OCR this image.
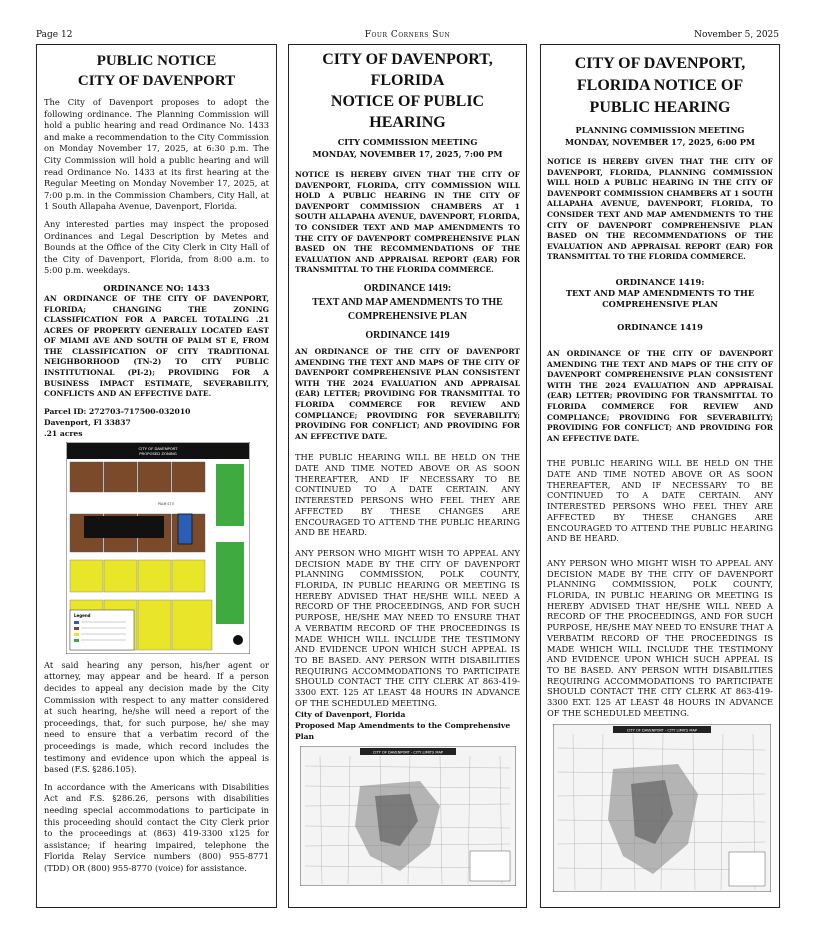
Page 12	Four Corners Sun	November 5, 2025
PUBLIC NOTICE
CITY OF DAVENPORT

The City of Davenport proposes to adopt the following ordinance. The Planning Commission will hold a public hearing and read Ordinance No. 1433 and make a recommendation to the City Commission on Monday November 17, 2025, at 6:30 p.m. The City Commission will hold a public hearing and will read Ordinance No. 1433 at its first hearing at the Regular Meeting on Monday November 17, 2025, at 7:00 p.m. in the Commission Chambers, City Hall, at 1 South Allapaha Avenue, Davenport, Florida.

Any interested parties may inspect the proposed Ordinances and Legal Description by Metes and Bounds at the Office of the City Clerk in City Hall of the City of Davenport, Florida, from 8:00 a.m. to 5:00 p.m. weekdays.

ORDINANCE NO: 1433

AN ORDINANCE OF THE CITY OF DAVENPORT, FLORIDA; CHANGING THE ZONING CLASSIFICATION FOR A PARCEL TOTALING .21 ACRES OF PROPERTY GENERALLY LOCATED EAST OF MIAMI AVE AND SOUTH OF PALM ST E, FROM THE CLASSIFICATION OF CITY TRADITIONAL NEIGHBORHOOD (TN-2) TO CITY PUBLIC INSTITUTIONAL (PI-2); PROVIDING FOR A BUSINESS IMPACT ESTIMATE, SEVERABILITY, CONFLICTS AND AN EFFECTIVE DATE.

Parcel ID: 272703-717500-032010

Davenport, Fl 33837

.21 acres

CITY OF DAVENPORT
PROPOSED ZONING
PALM ST E
Legend

At said hearing any person, his/her agent or attorney, may appear and be heard. If a person decides to appeal any decision made by the City Commission with respect to any matter considered at such hearing, he/she will need a report of the proceedings, that, for such purpose, he/ she may need to ensure that a verbatim record of the proceedings is made, which record includes the testimony and evidence upon which the appeal is based (F.S. §286.105).

In accordance with the Americans with Disabilities Act and F.S. §286.26, persons with disabilities needing special accommodations to participate in this proceeding should contact the City Clerk prior to the proceedings at (863) 419-3300 x125 for assistance; if hearing impaired, telephone the Florida Relay Service numbers (800) 955-8771 (TDD) OR (800) 955-8770 (voice) for assistance.

CITY OF DAVENPORT, FLORIDA
NOTICE OF PUBLIC HEARING

CITY COMMISSION MEETING

MONDAY, NOVEMBER 17, 2025, 7:00 PM

NOTICE IS HEREBY GIVEN THAT THE CITY OF DAVENPORT, FLORIDA, CITY COMMISSION WILL HOLD A PUBLIC HEARING IN THE CITY OF DAVENPORT COMMISSION CHAMBERS AT 1 SOUTH ALLAPAHA AVENUE, DAVENPORT, FLORIDA, TO CONSIDER TEXT AND MAP AMENDMENTS TO THE CITY OF DAVENPORT COMPREHENSIVE PLAN BASED ON THE RECOMMENDATIONS OF THE EVALUATION AND APPRAISAL REPORT (EAR) FOR TRANSMITTAL TO THE FLORIDA COMMERCE.

ORDINANCE 1419:

TEXT AND MAP AMENDMENTS TO THE

COMPREHENSIVE PLAN

ORDINANCE 1419

AN ORDINANCE OF THE CITY OF DAVENPORT AMENDING THE TEXT AND MAPS OF THE CITY OF DAVENPORT COMPREHENSIVE PLAN CONSISTENT WITH THE 2024 EVALUATION AND APPRAISAL (EAR) LETTER; PROVIDING FOR TRANSMITTAL TO FLORIDA COMMERCE FOR REVIEW AND COMPLIANCE; PROVIDING FOR SEVERABILITY; PROVIDING FOR CONFLICT; AND PROVIDING FOR AN EFFECTIVE DATE.

THE PUBLIC HEARING WILL BE HELD ON THE DATE AND TIME NOTED ABOVE OR AS SOON THEREAFTER, AND IF NECESSARY TO BE CONTINUED TO A DATE CERTAIN. ANY INTERESTED PERSONS WHO FEEL THEY ARE AFFECTED BY THESE CHANGES ARE ENCOURAGED TO ATTEND THE PUBLIC HEARING AND BE HEARD.

ANY PERSON WHO MIGHT WISH TO APPEAL ANY DECISION MADE BY THE CITY OF DAVENPORT PLANNING COMMISSION, POLK COUNTY, FLORIDA, IN PUBLIC HEARING OR MEETING IS HEREBY ADVISED THAT HE/SHE WILL NEED A RECORD OF THE PROCEEDINGS, AND FOR SUCH PURPOSE, HE/SHE MAY NEED TO ENSURE THAT A VERBATIM RECORD OF THE PROCEEDINGS IS MADE WHICH WILL INCLUDE THE TESTIMONY AND EVIDENCE UPON WHICH SUCH APPEAL IS TO BE BASED. ANY PERSON WITH DISABILITIES REQUIRING ACCOMMODATIONS TO PARTICIPATE SHOULD CONTACT THE CITY CLERK AT 863-419-3300 EXT. 125 AT LEAST 48 HOURS IN ADVANCE OF THE SCHEDULED MEETING.

City of Davenport, Florida

Proposed Map Amendments to the Comprehensive Plan

CITY OF DAVENPORT - CITY LIMITS MAP
CITY OF DAVENPORT,
FLORIDA NOTICE OF
PUBLIC HEARING

PLANNING COMMISSION MEETING

MONDAY, NOVEMBER 17, 2025, 6:00 PM

NOTICE IS HEREBY GIVEN THAT THE CITY OF DAVENPORT, FLORIDA, PLANNING COMMISSION WILL HOLD A PUBLIC HEARING IN THE CITY OF DAVENPORT COMMISSION CHAMBERS AT 1 SOUTH ALLAPAHA AVENUE, DAVENPORT, FLORIDA, TO CONSIDER TEXT AND MAP AMENDMENTS TO THE CITY OF DAVENPORT COMPREHENSIVE PLAN BASED ON THE RECOMMENDATIONS OF THE EVALUATION AND APPRAISAL REPORT (EAR) FOR TRANSMITTAL TO THE FLORIDA COMMERCE.

ORDINANCE 1419:

TEXT AND MAP AMENDMENTS TO THE

COMPREHENSIVE PLAN

ORDINANCE 1419

AN ORDINANCE OF THE CITY OF DAVENPORT AMENDING THE TEXT AND MAPS OF THE CITY OF DAVENPORT COMPREHENSIVE PLAN CONSISTENT WITH THE 2024 EVALUATION AND APPRAISAL (EAR) LETTER; PROVIDING FOR TRANSMITTAL TO FLORIDA COMMERCE FOR REVIEW AND COMPLIANCE; PROVIDING FOR SEVERABILITY; PROVIDING FOR CONFLICT; AND PROVIDING FOR AN EFFECTIVE DATE.

THE PUBLIC HEARING WILL BE HELD ON THE DATE AND TIME NOTED ABOVE OR AS SOON THEREAFTER, AND IF NECESSARY TO BE CONTINUED TO A DATE CERTAIN. ANY INTERESTED PERSONS WHO FEEL THEY ARE AFFECTED BY THESE CHANGES ARE ENCOURAGED TO ATTEND THE PUBLIC HEARING AND BE HEARD.

ANY PERSON WHO MIGHT WISH TO APPEAL ANY DECISION MADE BY THE CITY OF DAVENPORT PLANNING COMMISSION, POLK COUNTY, FLORIDA, IN PUBLIC HEARING OR MEETING IS HEREBY ADVISED THAT HE/SHE WILL NEED A RECORD OF THE PROCEEDINGS, AND FOR SUCH PURPOSE, HE/SHE MAY NEED TO ENSURE THAT A VERBATIM RECORD OF THE PROCEEDINGS IS MADE WHICH WILL INCLUDE THE TESTIMONY AND EVIDENCE UPON WHICH SUCH APPEAL IS TO BE BASED. ANY PERSON WITH DISABILITIES REQUIRING ACCOMMODATIONS TO PARTICIPATE SHOULD CONTACT THE CITY CLERK AT 863-419-3300 EXT. 125 AT LEAST 48 HOURS IN ADVANCE OF THE SCHEDULED MEETING.

CITY OF DAVENPORT - CITY LIMITS MAP
